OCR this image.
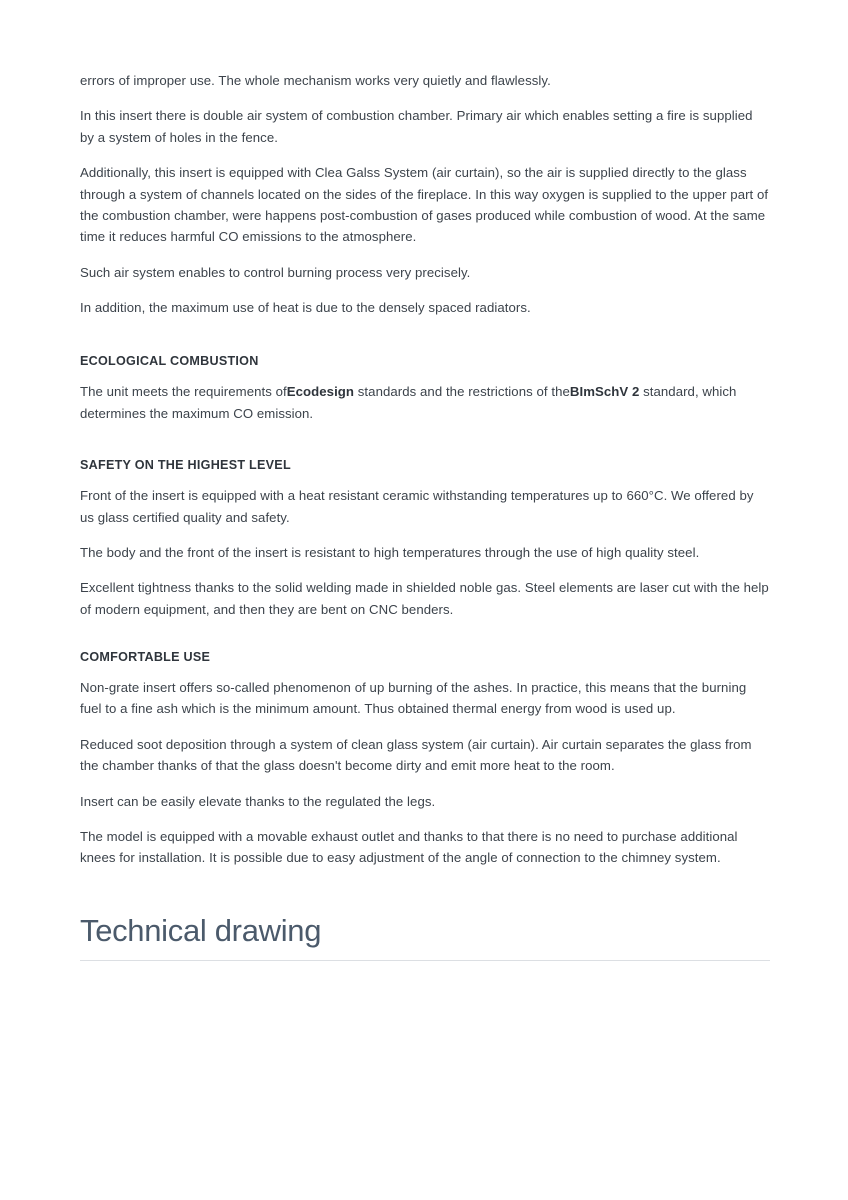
errors of improper use. The whole mechanism works very quietly and flawlessly.

In this insert there is double air system of combustion chamber. Primary air which enables setting a fire is supplied by a system of holes in the fence.

Additionally, this insert is equipped with Clea Galss System (air curtain), so the air is supplied directly to the glass through a system of channels located on the sides of the fireplace. In this way oxygen is supplied to the upper part of the combustion chamber, were happens post-combustion of gases produced while combustion of wood. At the same time it reduces harmful CO emissions to the atmosphere.

Such air system enables to control burning process very precisely.

In addition, the maximum use of heat is due to the densely spaced radiators.

ECOLOGICAL COMBUSTION

The unit meets the requirements ofEcodesign standards and the restrictions of theBImSchV 2 standard, which determines the maximum CO emission.

SAFETY ON THE HIGHEST LEVEL

Front of the insert is equipped with a heat resistant ceramic withstanding temperatures up to 660°C. We offered by us glass certified quality and safety.

The body and the front of the insert is resistant to high temperatures through the use of high quality steel.

Excellent tightness thanks to the solid welding made in shielded noble gas. Steel elements are laser cut with the help of modern equipment, and then they are bent on CNC benders.

COMFORTABLE USE

Non-grate insert offers so-called phenomenon of up burning of the ashes. In practice, this means that the burning fuel to a fine ash which is the minimum amount. Thus obtained thermal energy from wood is used up.

Reduced soot deposition through a system of clean glass system (air curtain). Air curtain separates the glass from the chamber thanks of that the glass doesn't become dirty and emit more heat to the room.

Insert can be easily elevate thanks to the regulated the legs.

The model is equipped with a movable exhaust outlet and thanks to that there is no need to purchase additional knees for installation. It is possible due to easy adjustment of the angle of connection to the chimney system.

Technical drawing
